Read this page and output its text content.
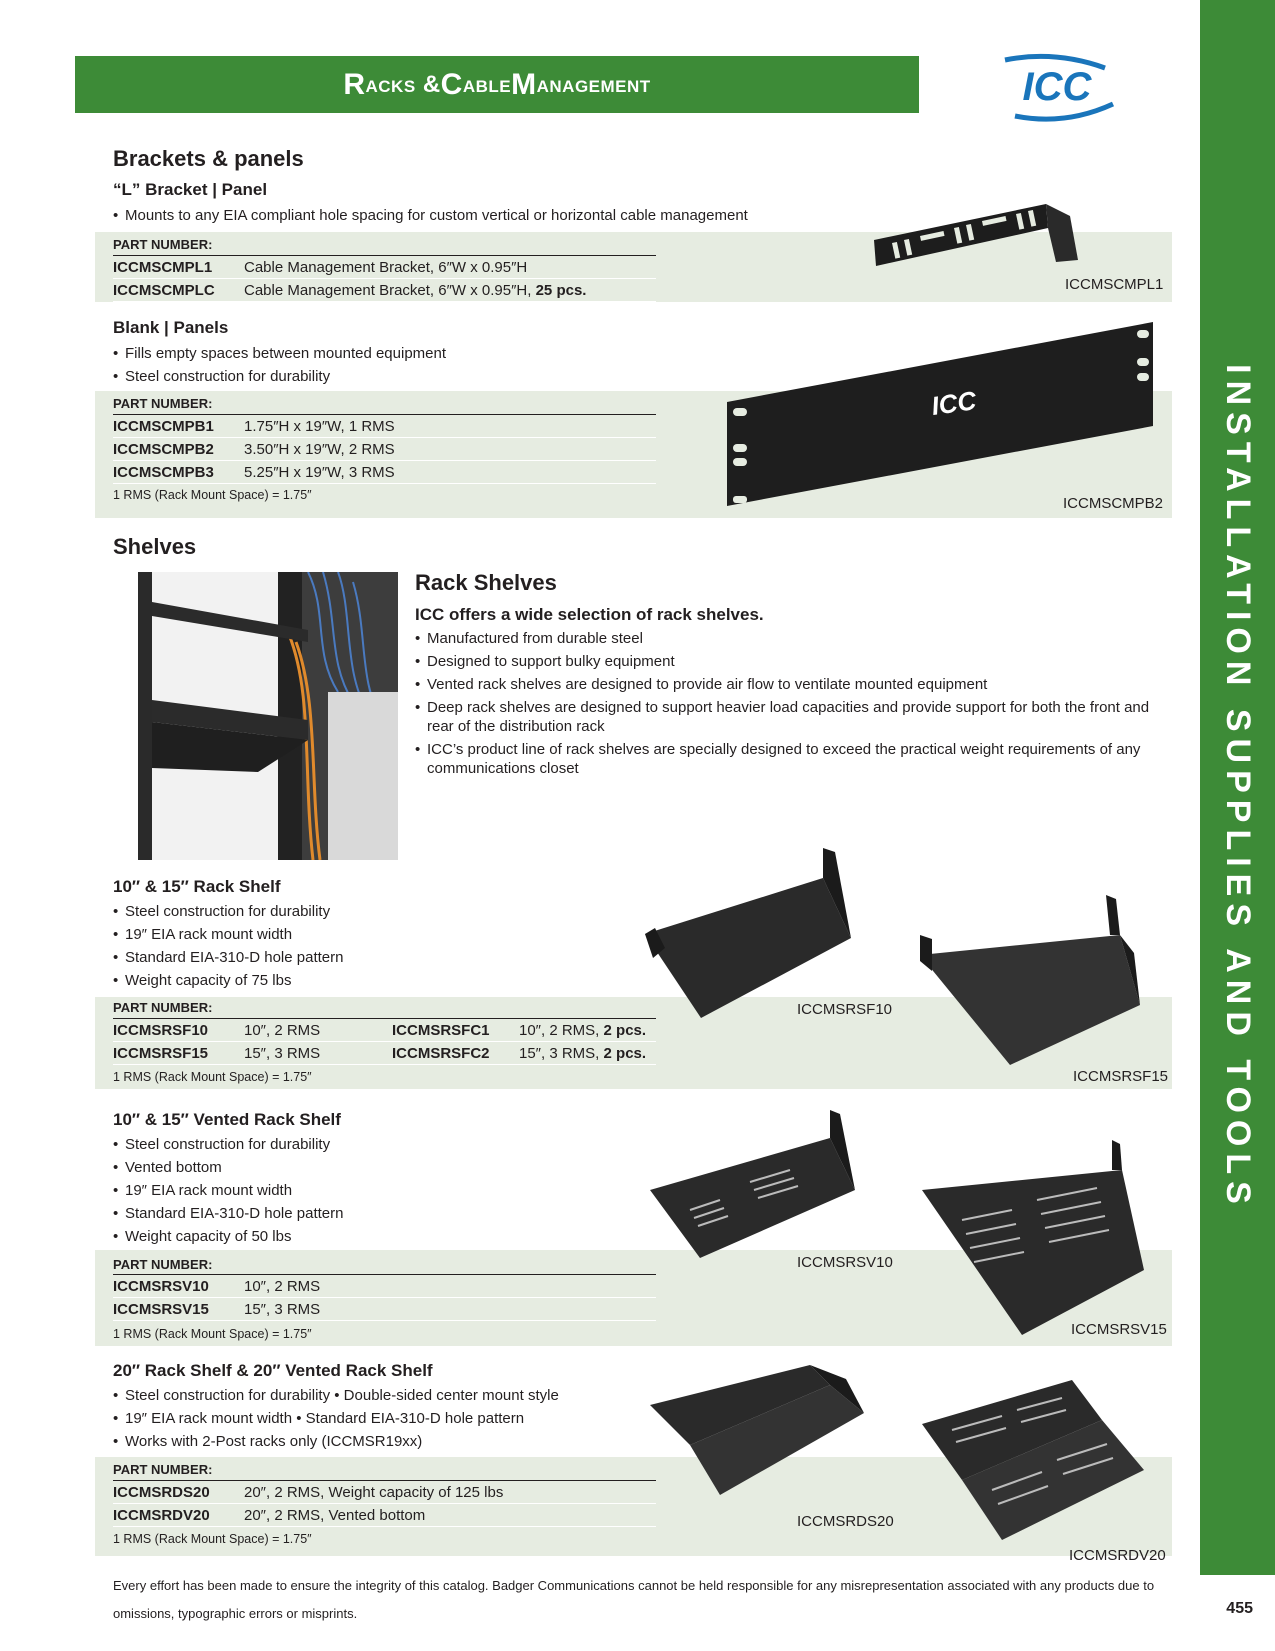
R acks & C able M anagement	ICC
INSTALLATION SUPPLIES AND TOOLS
455
Brackets & panels
“L” Bracket | Panel
• Mounts to any EIA compliant hole spacing for custom vertical or horizontal cable management
PART NUMBER:
ICCMSCMPL1	Cable Management Bracket, 6″W x 0.95″H
ICCMSCMPLC	Cable Management Bracket, 6″W x 0.95″H, 25 pcs.	ICCMSCMPL1
Blank | Panels
• Fills empty spaces between mounted equipment
• Steel construction for durability
PART NUMBER:
ICCMSCMPB1	1.75″H x 19″W, 1 RMS
ICCMSCMPB2	3.50″H x 19″W, 2 RMS
ICCMSCMPB3	5.25″H x 19″W, 3 RMS
1 RMS (Rack Mount Space) = 1.75″
ICC
ICCMSCMPB2
Shelves
Rack Shelves
ICC offers a wide selection of rack shelves.
• Manufactured from durable steel
• Designed to support bulky equipment
• Vented rack shelves are designed to provide air flow to ventilate mounted equipment
• Deep rack shelves are designed to support heavier load capacities and provide support for both the front and rear of the distribution rack
• ICC’s product line of rack shelves are specially designed to exceed the practical weight requirements of any communications closet
10″ & 15″ Rack Shelf
• Steel construction for durability
• 19″ EIA rack mount width
• Standard EIA-310-D hole pattern
• Weight capacity of 75 lbs
PART NUMBER:
ICCMSRSF10	10″, 2 RMS	ICCMSRSFC1	10″, 2 RMS, 2 pcs.
ICCMSRSF15	15″, 3 RMS	ICCMSRSFC2	15″, 3 RMS, 2 pcs.
1 RMS (Rack Mount Space) = 1.75″
ICCMSRSF10
ICCMSRSF15
10″ & 15″ Vented Rack Shelf
• Steel construction for durability
• Vented bottom
• 19″ EIA rack mount width
• Standard EIA-310-D hole pattern
• Weight capacity of 50 lbs
PART NUMBER:
ICCMSRSV10	10″, 2 RMS
ICCMSRSV15	15″, 3 RMS
1 RMS (Rack Mount Space) = 1.75″
ICCMSRSV10
ICCMSRSV15
20″ Rack Shelf & 20″ Vented Rack Shelf
• Steel construction for durability • Double-sided center mount style
• 19″ EIA rack mount width • Standard EIA-310-D hole pattern
• Works with 2-Post racks only (ICCMSR19xx)
PART NUMBER:
ICCMSRDS20	20″, 2 RMS, Weight capacity of 125 lbs
ICCMSRDV20	20″, 2 RMS, Vented bottom
1 RMS (Rack Mount Space) = 1.75″
ICCMSRDS20
ICCMSRDV20
Every effort has been made to ensure the integrity of this catalog. Badger Communications cannot be held responsible for any misrepresentation associated with any products due to omissions, typographic errors or misprints.
